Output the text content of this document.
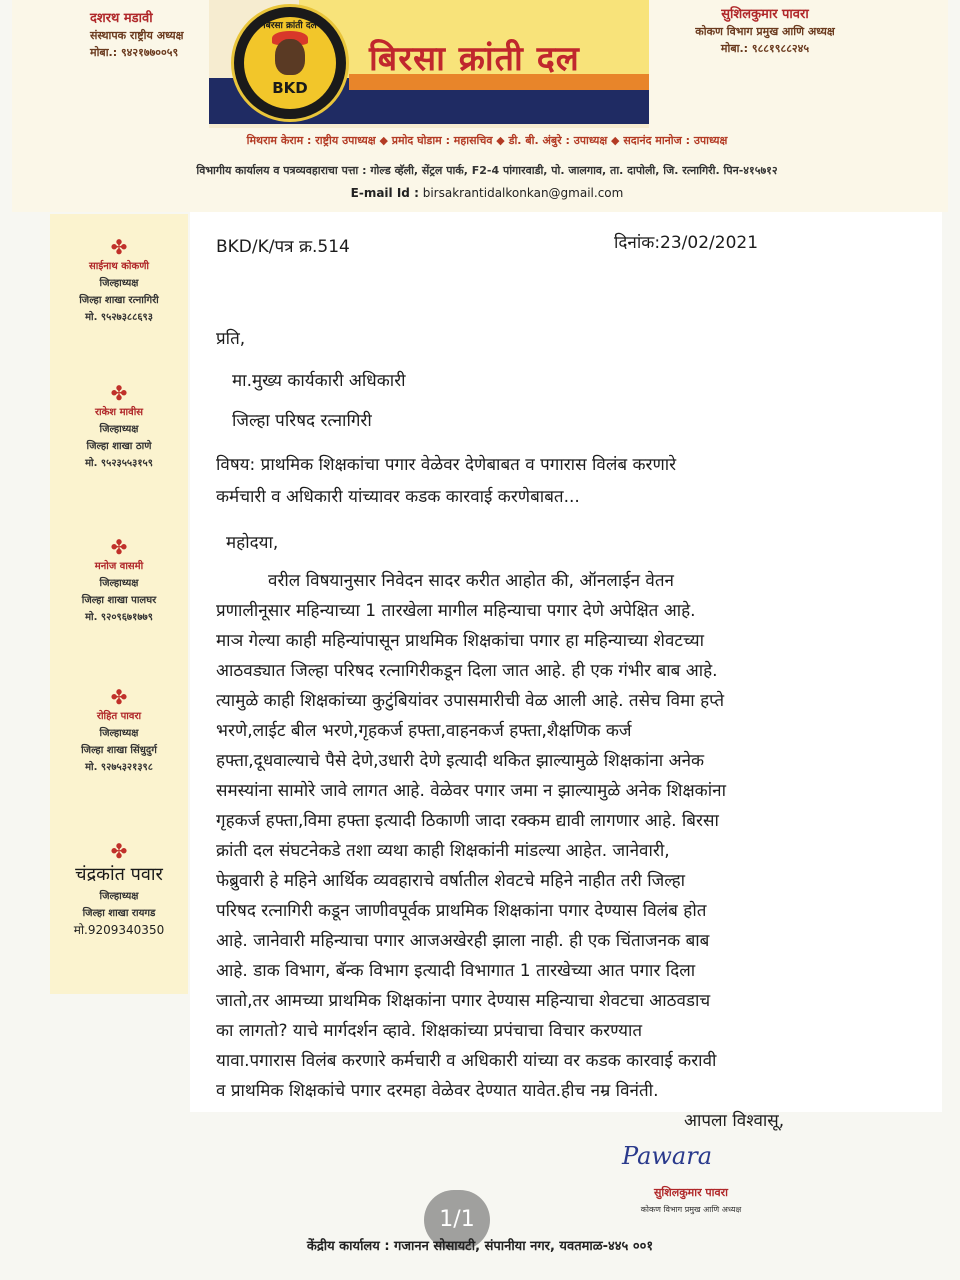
दशरथ मडावी
संस्थापक राष्ट्रीय अध्यक्ष
मोबा.: ९४२१७७००५९
बिरसा क्रांती दल
BKD
बिरसा क्रांती दल
सुशिलकुमार पावरा
कोकण विभाग प्रमुख आणि अध्यक्ष
मोबा.: ९८८१९८८२४५
मिथराम केराम : राष्ट्रीय उपाध्यक्ष ◆ प्रमोद घोडाम : महासचिव ◆ डी. बी. अंबुरे : उपाध्यक्ष ◆ सदानंद मानोज : उपाध्यक्ष
विभागीय कार्यालय व पत्रव्यवहाराचा पत्ता : गोल्ड व्हॅली, सेंट्रल पार्क, F2-4 पांगारवाडी, पो. जालगाव, ता. दापोली, जि. रत्नागिरी. पिन-४१५७१२
E-mail Id : birsakrantidalkonkan@gmail.com
✤
साईनाथ कोकणी
जिल्हाध्यक्ष
जिल्हा शाखा रत्नागिरी
मो. ९५२७३८८६९३
✤
राकेश मावीस
जिल्हाध्यक्ष
जिल्हा शाखा ठाणे
मो. ९५२३५५३१५९
✤
मनोज वासमी
जिल्हाध्यक्ष
जिल्हा शाखा पालघर
मो. ९२०९६७१७७९
✤
रोहित पावरा
जिल्हाध्यक्ष
जिल्हा शाखा सिंधुदुर्ग
मो. ९२७५३२१३९८
✤
चंद्रकांत पवार
जिल्हाध्यक्ष
जिल्हा शाखा रायगड
मो.9209340350
BKD/K/पत्र क्र.514	दिनांक:23/02/2021
प्रति,
मा.मुख्य कार्यकारी अधिकारी
जिल्हा परिषद रत्नागिरी
विषय: प्राथमिक शिक्षकांचा पगार वेळेवर देणेबाबत व पगारास विलंब करणारे
कर्मचारी व अधिकारी यांच्यावर कडक कारवाई करणेबाबत...
महोदया,
वरील विषयानुसार निवेदन सादर करीत आहोत की, ऑनलाईन वेतन
प्रणालीनूसार महिन्याच्या 1 तारखेला मागील महिन्याचा पगार देणे अपेक्षित आहे.
माञ गेल्या काही महिन्यांपासून प्राथमिक शिक्षकांचा पगार हा महिन्याच्या शेवटच्या
आठवड्यात जिल्हा परिषद रत्नागिरीकडून दिला जात आहे. ही एक गंभीर बाब आहे.
त्यामुळे काही शिक्षकांच्या कुटुंबियांवर उपासमारीची वेळ आली आहे. तसेच विमा हप्ते
भरणे,लाईट बील भरणे,गृहकर्ज हफ्ता,वाहनकर्ज हफ्ता,शैक्षणिक कर्ज
हफ्ता,दूधवाल्याचे पैसे देणे,उधारी देणे इत्यादी थकित झाल्यामुळे शिक्षकांना अनेक
समस्यांना सामोरे जावे लागत आहे. वेळेवर पगार जमा न झाल्यामुळे अनेक शिक्षकांना
गृहकर्ज हफ्ता,विमा हफ्ता इत्यादी ठिकाणी जादा रक्कम द्यावी लागणार आहे. बिरसा
क्रांती दल संघटनेकडे तशा व्यथा काही शिक्षकांनी मांडल्या आहेत. जानेवारी,
फेब्रुवारी हे महिने आर्थिक व्यवहाराचे वर्षातील शेवटचे महिने नाहीत तरी जिल्हा
परिषद रत्नागिरी कडून जाणीवपूर्वक प्राथमिक शिक्षकांना पगार देण्यास विलंब होत
आहे. जानेवारी महिन्याचा पगार आजअखेरही झाला नाही. ही एक चिंताजनक बाब
आहे. डाक विभाग, बॅन्क विभाग इत्यादी विभागात 1 तारखेच्या आत पगार दिला
जातो,तर आमच्या प्राथमिक शिक्षकांना पगार देण्यास महिन्याचा शेवटचा आठवडाच
का लागतो? याचे मार्गदर्शन व्हावे. शिक्षकांच्या प्रपंचाचा विचार करण्यात
यावा.पगारास विलंब करणारे कर्मचारी व अधिकारी यांच्या वर कडक कारवाई करावी
व प्राथमिक शिक्षकांचे पगार दरमहा वेळेवर देण्यात यावेत.हीच नम्र विनंती.
आपला विश्वासू,
Pawara
सुशिलकुमार पावरा
कोकण विभाग प्रमुख आणि अध्यक्ष
1/1
केंद्रीय कार्यालय : गजानन सोसायटी, संपानीया नगर, यवतमाळ-४४५ ००१
